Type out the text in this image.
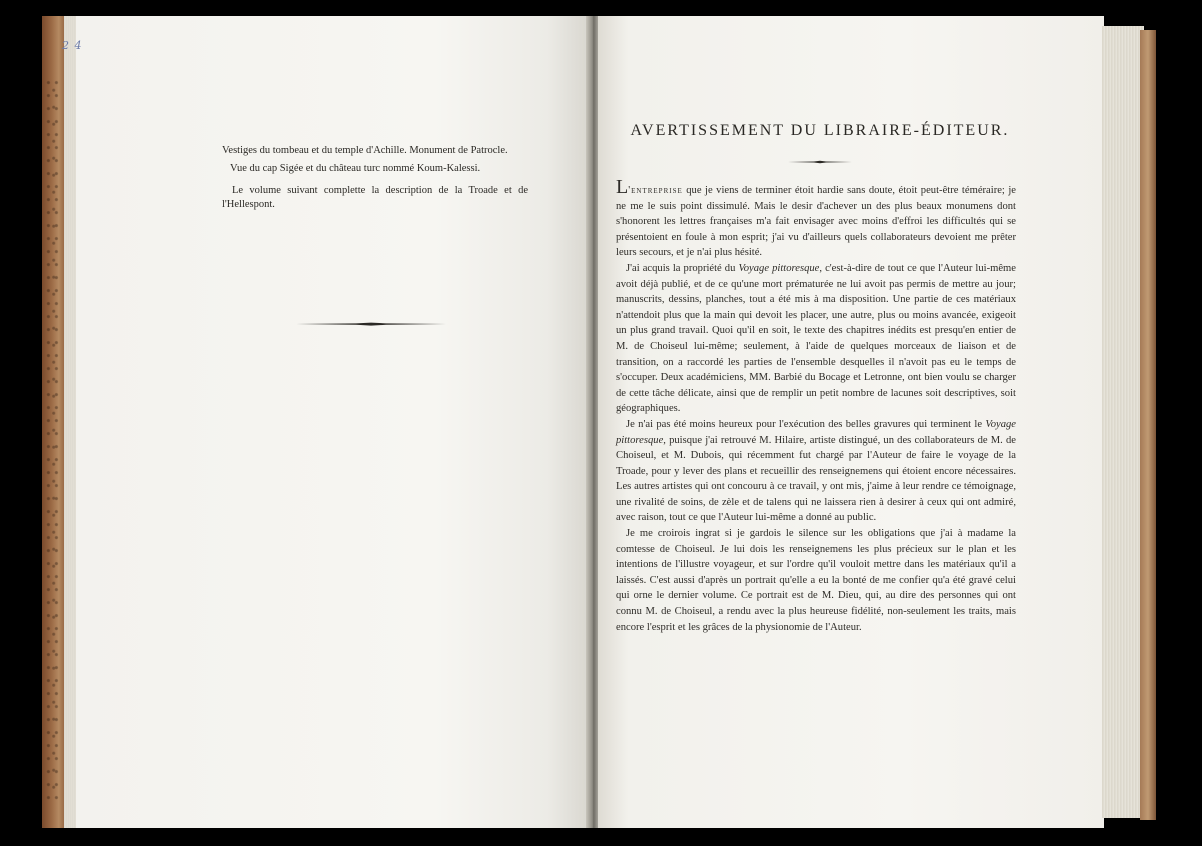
2 4

Vestiges du tombeau et du temple d'Achille. Monument de Patrocle.

Vue du cap Sigée et du château turc nommé Koum-Kalessi.

Le volume suivant complette la description de la Troade et de l'Hellespont.

AVERTISSEMENT DU LIBRAIRE-ÉDITEUR.

L'entreprise que je viens de terminer étoit hardie sans doute, étoit peut-être téméraire; je ne me le suis point dissimulé. Mais le desir d'achever un des plus beaux monumens dont s'honorent les lettres françaises m'a fait envisager avec moins d'effroi les difficultés qui se présentoient en foule à mon esprit; j'ai vu d'ailleurs quels collaborateurs devoient me prêter leurs secours, et je n'ai plus hésité.

J'ai acquis la propriété du Voyage pittoresque, c'est-à-dire de tout ce que l'Auteur lui-même avoit déjà publié, et de ce qu'une mort prématurée ne lui avoit pas permis de mettre au jour; manuscrits, dessins, planches, tout a été mis à ma disposition. Une partie de ces matériaux n'attendoit plus que la main qui devoit les placer, une autre, plus ou moins avancée, exigeoit un plus grand travail. Quoi qu'il en soit, le texte des chapitres inédits est presqu'en entier de M. de Choiseul lui-même; seulement, à l'aide de quelques morceaux de liaison et de transition, on a raccordé les parties de l'ensemble desquelles il n'avoit pas eu le temps de s'occuper. Deux académiciens, MM. Barbié du Bocage et Letronne, ont bien voulu se charger de cette tâche délicate, ainsi que de remplir un petit nombre de lacunes soit descriptives, soit géographiques.

Je n'ai pas été moins heureux pour l'exécution des belles gravures qui terminent le Voyage pittoresque, puisque j'ai retrouvé M. Hilaire, artiste distingué, un des collaborateurs de M. de Choiseul, et M. Dubois, qui récemment fut chargé par l'Auteur de faire le voyage de la Troade, pour y lever des plans et recueillir des renseignemens qui étoient encore nécessaires. Les autres artistes qui ont concouru à ce travail, y ont mis, j'aime à leur rendre ce témoignage, une rivalité de soins, de zèle et de talens qui ne laissera rien à desirer à ceux qui ont admiré, avec raison, tout ce que l'Auteur lui-même a donné au public.

Je me croirois ingrat si je gardois le silence sur les obligations que j'ai à madame la comtesse de Choiseul. Je lui dois les renseignemens les plus précieux sur le plan et les intentions de l'illustre voyageur, et sur l'ordre qu'il vouloit mettre dans les matériaux qu'il a laissés. C'est aussi d'après un portrait qu'elle a eu la bonté de me confier qu'a été gravé celui qui orne le dernier volume. Ce portrait est de M. Dieu, qui, au dire des personnes qui ont connu M. de Choiseul, a rendu avec la plus heureuse fidélité, non-seulement les traits, mais encore l'esprit et les grâces de la physionomie de l'Auteur.
